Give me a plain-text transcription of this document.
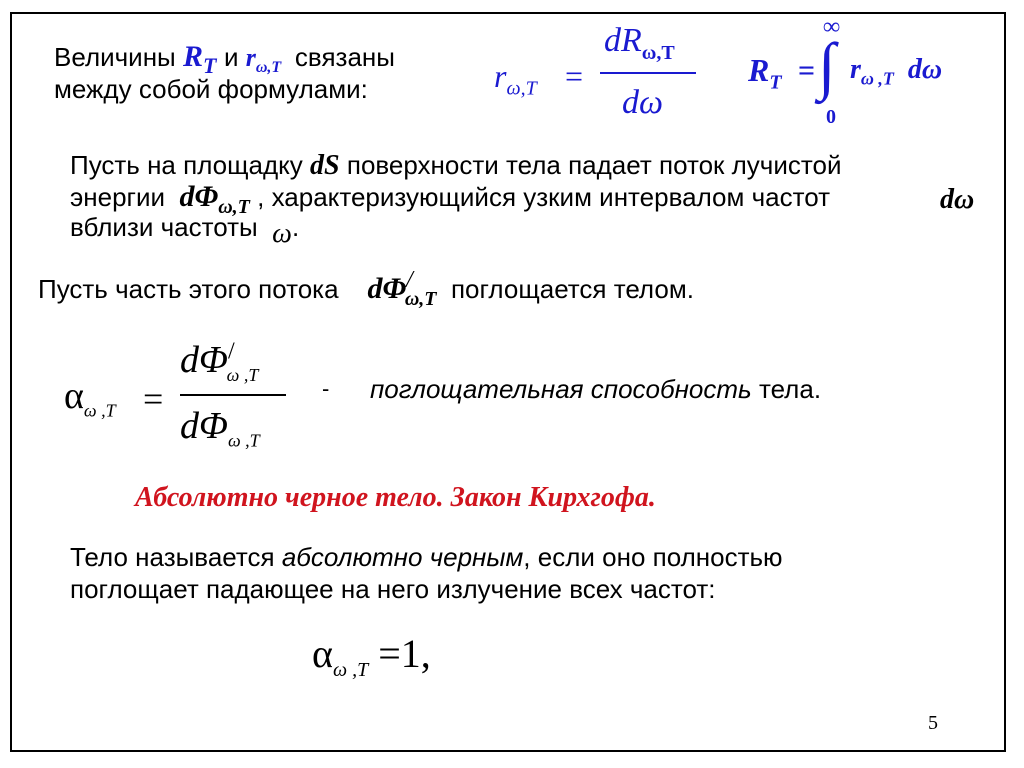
Величины $R_T$ и $r_{\omega,T}$ связаны
между собой формулами:	$r_{\omega,T}$ =
$dR_{\omega,T}$
dω
$R_T$ =
∞
∫
0
$r_{\omega ,T}$ dω
Пусть на площадку dS поверхности тела падает поток лучистой
энергии $d\Phi_{\omega,T}$ , характеризующийся узким интервалом частот	dω
вблизи частоты ω.
Пусть часть этого потока $d\Phi^/_{\omega,T}$ поглощается телом.
$\alpha_{\omega ,T}$ =
$d\Phi^/_{\omega ,T}$
$d\Phi_{\omega ,T}$
- поглощательная способность тела.
Абсолютно черное тело. Закон Кирхгофа.
Тело называется абсолютно черным, если оно полностью
поглощает падающее на него излучение всех частот:
$\alpha_{\omega ,T} =1$,
5
